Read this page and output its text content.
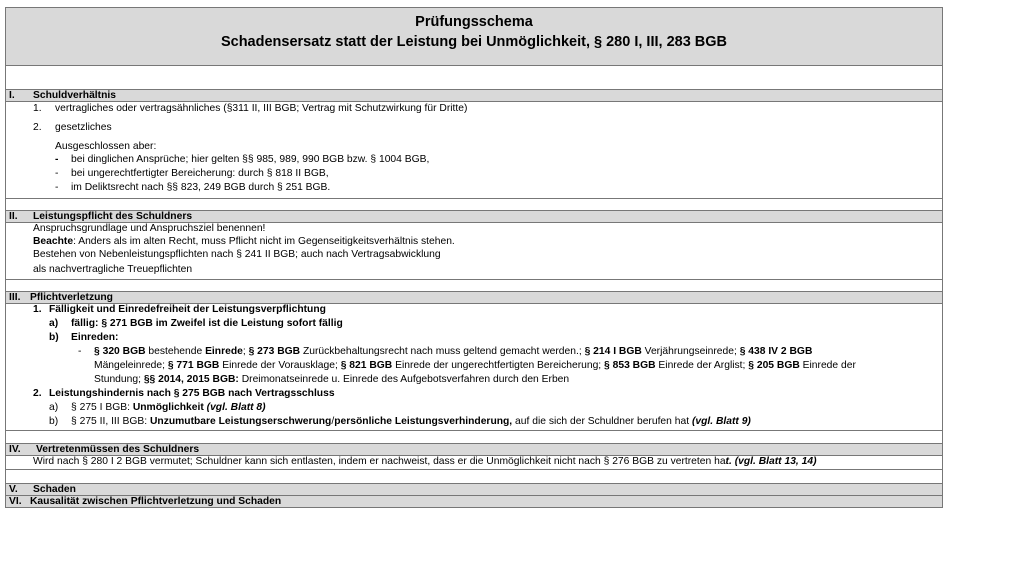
Prüfungsschema
Schadensersatz statt der Leistung bei Unmöglichkeit, § 280 I, III, 283 BGB
I. Schuldverhältnis
1. vertragliches oder vertragsähnliches (§311 II, III BGB; Vertrag mit Schutzwirkung für Dritte)
2. gesetzliches
Ausgeschlossen aber:
- bei dinglichen Ansprüche; hier gelten §§ 985, 989, 990 BGB bzw. § 1004 BGB,
- bei ungerechtfertigter Bereicherung: durch § 818 II BGB,
- im Deliktsrecht nach §§ 823, 249 BGB durch § 251 BGB.
II. Leistungspflicht des Schuldners
Anspruchsgrundlage und Anspruchsziel benennen!
Beachte: Anders als im alten Recht, muss Pflicht nicht im Gegenseitigkeitsverhältnis stehen.
Bestehen von Nebenleistungspflichten nach § 241 II BGB; auch nach Vertragsabwicklung
als nachvertragliche Treuepflichten
III. Pflichtverletzung
1. Fälligkeit und Einredefreiheit der Leistungsverpflichtung
a) fällig: § 271 BGB im Zweifel ist die Leistung sofort fällig
b) Einreden:
- § 320 BGB bestehende Einrede; § 273 BGB Zurückbehaltungsrecht nach muss geltend gemacht werden.; § 214 I BGB Verjährungseinrede; § 438 IV 2 BGB
Mängeleinrede; § 771 BGB Einrede der Vorausklage; § 821 BGB Einrede der ungerechtfertigten Bereicherung; § 853 BGB Einrede der Arglist; § 205 BGB Einrede der
Stundung; §§ 2014, 2015 BGB: Dreimonatseinrede u. Einrede des Aufgebotsverfahren durch den Erben
2. Leistungshindernis nach § 275 BGB nach Vertragsschluss
a) § 275 I BGB: Unmöglichkeit (vgl. Blatt 8)
b) § 275 II, III BGB: Unzumutbare Leistungserschwerung/persönliche Leistungsverhinderung, auf die sich der Schuldner berufen hat (vgl. Blatt 9)
IV. Vertretenmüssen des Schuldners
Wird nach § 280 I 2 BGB vermutet; Schuldner kann sich entlasten, indem er nachweist, dass er die Unmöglichkeit nicht nach § 276 BGB zu vertreten hat. (vgl. Blatt 13, 14)
V. Schaden
VI. Kausalität zwischen Pflichtverletzung und Schaden
